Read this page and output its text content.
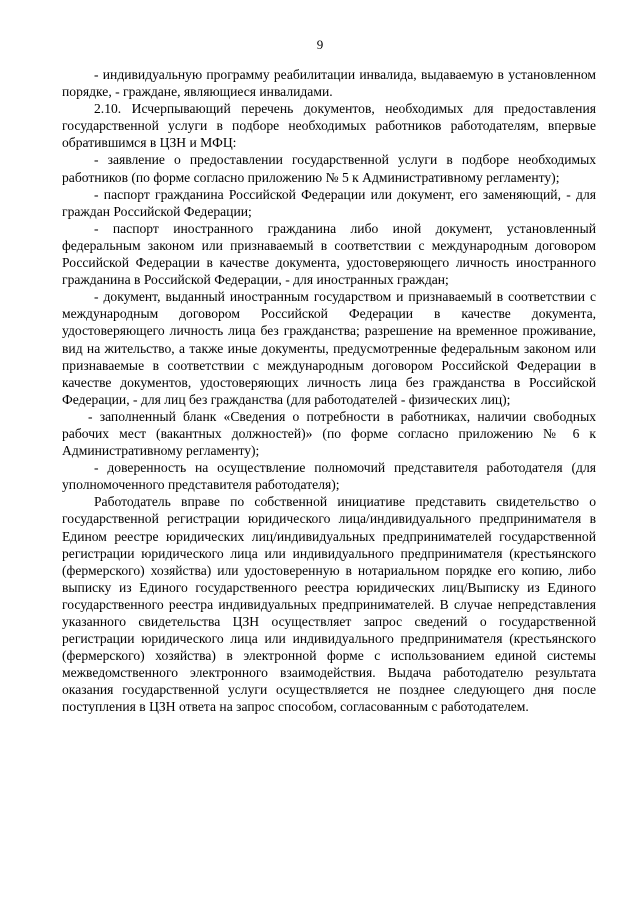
9

- индивидуальную программу реабилитации инвалида, выдаваемую в установленном порядке, - граждане, являющиеся инвалидами.

2.10. Исчерпывающий перечень документов, необходимых для предоставления государственной услуги в подборе необходимых работников работодателям, впервые обратившимся в ЦЗН и МФЦ:

- заявление о предоставлении государственной услуги в подборе необходимых работников (по форме согласно приложению № 5 к Административному регламенту);

- паспорт гражданина Российской Федерации или документ, его заменяющий, - для граждан Российской Федерации;

- паспорт иностранного гражданина либо иной документ, установленный федеральным законом или признаваемый в соответствии с международным договором Российской Федерации в качестве документа, удостоверяющего личность иностранного гражданина в Российской Федерации, - для иностранных граждан;

- документ, выданный иностранным государством и признаваемый в соответствии с международным договором Российской Федерации в качестве документа, удостоверяющего личность лица без гражданства; разрешение на временное проживание, вид на жительство, а также иные документы, предусмотренные федеральным законом или признаваемые в соответствии с международным договором Российской Федерации в качестве документов, удостоверяющих личность лица без гражданства в Российской Федерации, - для лиц без гражданства (для работодателей - физических лиц);

- заполненный бланк «Сведения о потребности в работниках, наличии свободных рабочих мест (вакантных должностей)» (по форме согласно приложению № 6 к Административному регламенту);

- доверенность на осуществление полномочий представителя работодателя (для уполномоченного представителя работодателя);

Работодатель вправе по собственной инициативе представить свидетельство о государственной регистрации юридического лица/индивидуального предпринимателя в Едином реестре юридических лиц/индивидуальных предпринимателей государственной регистрации юридического лица или индивидуального предпринимателя (крестьянского (фермерского) хозяйства) или удостоверенную в нотариальном порядке его копию, либо выписку из Единого государственного реестра юридических лиц/Выписку из Единого государственного реестра индивидуальных предпринимателей. В случае непредставления указанного свидетельства ЦЗН осуществляет запрос сведений о государственной регистрации юридического лица или индивидуального предпринимателя (крестьянского (фермерского) хозяйства) в электронной форме с использованием единой системы межведомственного электронного взаимодействия. Выдача работодателю результата оказания государственной услуги осуществляется не позднее следующего дня после поступления в ЦЗН ответа на запрос способом, согласованным с работодателем.
